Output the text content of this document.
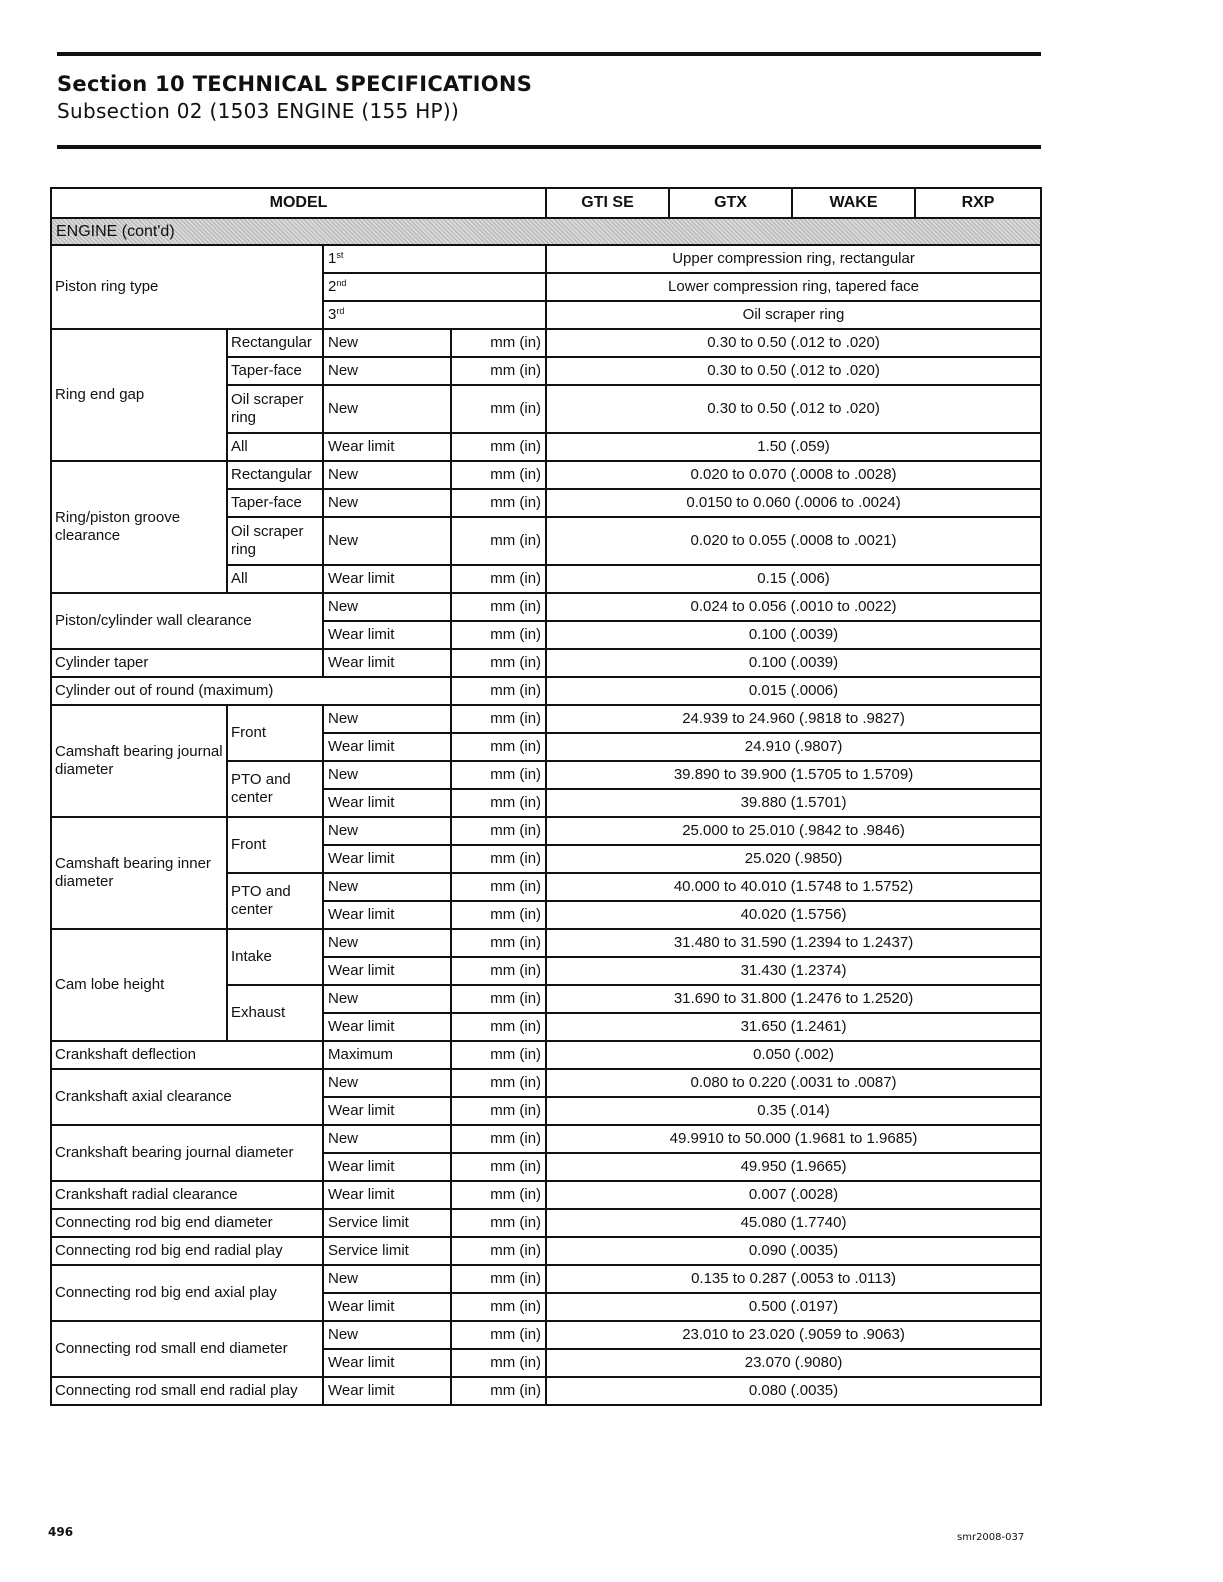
Section 10 TECHNICAL SPECIFICATIONS
Subsection 02 (1503 ENGINE (155 HP))
MODEL				GTI SE	GTX	WAKE	RXP
ENGINE (cont'd)							
Piston ring type		1st		Upper compression ring, rectangular			
		2nd		Lower compression ring, tapered face			
		3rd		Oil scraper ring			
Ring end gap	Rectangular	New	mm (in)	0.30 to 0.50 (.012 to .020)			
	Taper-face	New	mm (in)	0.30 to 0.50 (.012 to .020)			
	Oil scraper ring	New	mm (in)	0.30 to 0.50 (.012 to .020)			
	All	Wear limit	mm (in)	1.50 (.059)			
Ring/piston groove clearance	Rectangular	New	mm (in)	0.020 to 0.070 (.0008 to .0028)			
	Taper-face	New	mm (in)	0.0150 to 0.060 (.0006 to .0024)			
	Oil scraper ring	New	mm (in)	0.020 to 0.055 (.0008 to .0021)			
	All	Wear limit	mm (in)	0.15 (.006)			
Piston/cylinder wall clearance		New	mm (in)	0.024 to 0.056 (.0010 to .0022)			
		Wear limit	mm (in)	0.100 (.0039)			
Cylinder taper		Wear limit	mm (in)	0.100 (.0039)			
Cylinder out of round (maximum)			mm (in)	0.015 (.0006)			
Camshaft bearing journal diameter	Front	New	mm (in)	24.939 to 24.960 (.9818 to .9827)			
		Wear limit	mm (in)	24.910 (.9807)			
	PTO and center	New	mm (in)	39.890 to 39.900 (1.5705 to 1.5709)			
		Wear limit	mm (in)	39.880 (1.5701)			
Camshaft bearing inner diameter	Front	New	mm (in)	25.000 to 25.010 (.9842 to .9846)			
		Wear limit	mm (in)	25.020 (.9850)			
	PTO and center	New	mm (in)	40.000 to 40.010 (1.5748 to 1.5752)			
		Wear limit	mm (in)	40.020 (1.5756)			
Cam lobe height	Intake	New	mm (in)	31.480 to 31.590 (1.2394 to 1.2437)			
		Wear limit	mm (in)	31.430 (1.2374)			
	Exhaust	New	mm (in)	31.690 to 31.800 (1.2476 to 1.2520)			
		Wear limit	mm (in)	31.650 (1.2461)			
Crankshaft deflection		Maximum	mm (in)	0.050 (.002)			
Crankshaft axial clearance		New	mm (in)	0.080 to 0.220 (.0031 to .0087)			
		Wear limit	mm (in)	0.35 (.014)			
Crankshaft bearing journal diameter		New	mm (in)	49.9910 to 50.000 (1.9681 to 1.9685)			
		Wear limit	mm (in)	49.950 (1.9665)			
Crankshaft radial clearance		Wear limit	mm (in)	0.007 (.0028)			
Connecting rod big end diameter		Service limit	mm (in)	45.080 (1.7740)			
Connecting rod big end radial play		Service limit	mm (in)	0.090 (.0035)			
Connecting rod big end axial play		New	mm (in)	0.135 to 0.287 (.0053 to .0113)			
		Wear limit	mm (in)	0.500 (.0197)			
Connecting rod small end diameter		New	mm (in)	23.010 to 23.020 (.9059 to .9063)			
		Wear limit	mm (in)	23.070 (.9080)			
Connecting rod small end radial play		Wear limit	mm (in)	0.080 (.0035)			
496	smr2008-037
